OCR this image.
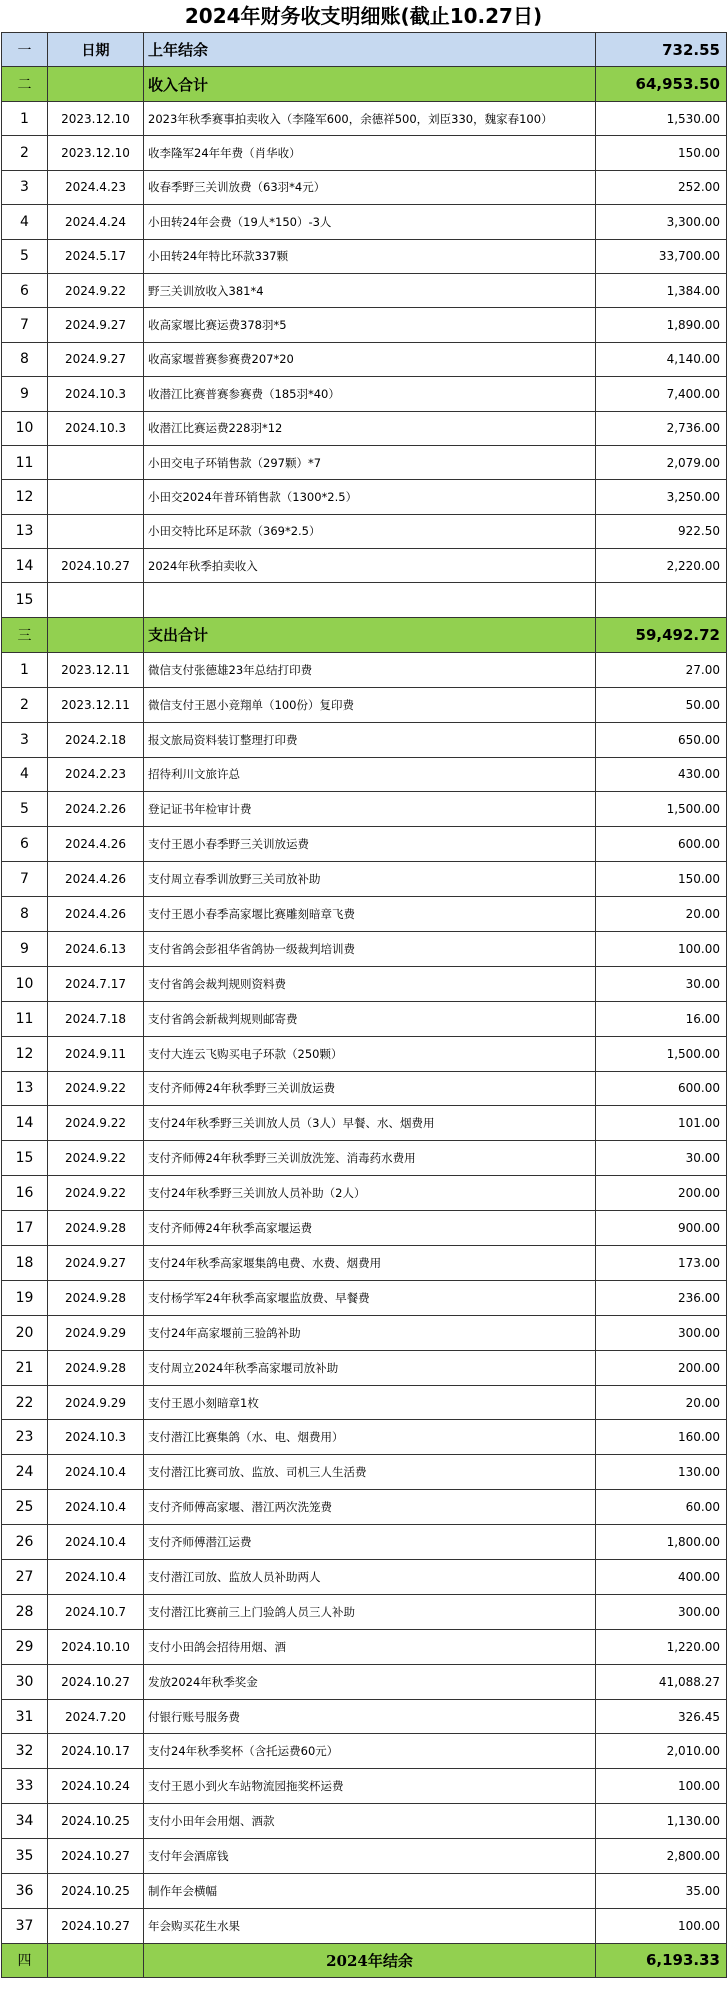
2024年财务收支明细账(截止10.27日)
一	日期	上年结余	732.55
二		收入合计	64,953.50
1	2023.12.10	2023年秋季赛事拍卖收入（李隆军600，余德祥500，刘臣330，魏家春100）	1,530.00
2	2023.12.10	收李隆军24年年费（肖华收）	150.00
3	2024.4.23	收春季野三关训放费（63羽*4元）	252.00
4	2024.4.24	小田转24年会费（19人*150）-3人	3,300.00
5	2024.5.17	小田转24年特比环款337颗	33,700.00
6	2024.9.22	野三关训放收入381*4	1,384.00
7	2024.9.27	收高家堰比赛运费378羽*5	1,890.00
8	2024.9.27	收高家堰普赛参赛费207*20	4,140.00
9	2024.10.3	收潜江比赛普赛参赛费（185羽*40）	7,400.00
10	2024.10.3	收潜江比赛运费228羽*12	2,736.00
11		小田交电子环销售款（297颗）*7	2,079.00
12		小田交2024年普环销售款（1300*2.5）	3,250.00
13		小田交特比环足环款（369*2.5）	922.50
14	2024.10.27	2024年秋季拍卖收入	2,220.00
15			
三		支出合计	59,492.72
1	2023.12.11	微信支付张德雄23年总结打印费	27.00
2	2023.12.11	微信支付王恩小竞翔单（100份）复印费	50.00
3	2024.2.18	报文旅局资料装订整理打印费	650.00
4	2024.2.23	招待利川文旅许总	430.00
5	2024.2.26	登记证书年检审计费	1,500.00
6	2024.4.26	支付王恩小春季野三关训放运费	600.00
7	2024.4.26	支付周立春季训放野三关司放补助	150.00
8	2024.4.26	支付王恩小春季高家堰比赛雕刻暗章飞费	20.00
9	2024.6.13	支付省鸽会彭祖华省鸽协一级裁判培训费	100.00
10	2024.7.17	支付省鸽会裁判规则资料费	30.00
11	2024.7.18	支付省鸽会新裁判规则邮寄费	16.00
12	2024.9.11	支付大连云飞购买电子环款（250颗）	1,500.00
13	2024.9.22	支付齐师傅24年秋季野三关训放运费	600.00
14	2024.9.22	支付24年秋季野三关训放人员（3人）早餐、水、烟费用	101.00
15	2024.9.22	支付齐师傅24年秋季野三关训放洗笼、消毒药水费用	30.00
16	2024.9.22	支付24年秋季野三关训放人员补助（2人）	200.00
17	2024.9.28	支付齐师傅24年秋季高家堰运费	900.00
18	2024.9.27	支付24年秋季高家堰集鸽电费、水费、烟费用	173.00
19	2024.9.28	支付杨学军24年秋季高家堰监放费、早餐费	236.00
20	2024.9.29	支付24年高家堰前三验鸽补助	300.00
21	2024.9.28	支付周立2024年秋季高家堰司放补助	200.00
22	2024.9.29	支付王恩小刻暗章1枚	20.00
23	2024.10.3	支付潜江比赛集鸽（水、电、烟费用）	160.00
24	2024.10.4	支付潜江比赛司放、监放、司机三人生活费	130.00
25	2024.10.4	支付齐师傅高家堰、潜江两次洗笼费	60.00
26	2024.10.4	支付齐师傅潜江运费	1,800.00
27	2024.10.4	支付潜江司放、监放人员补助两人	400.00
28	2024.10.7	支付潜江比赛前三上门验鸽人员三人补助	300.00
29	2024.10.10	支付小田鸽会招待用烟、酒	1,220.00
30	2024.10.27	发放2024年秋季奖金	41,088.27
31	2024.7.20	付银行账号服务费	326.45
32	2024.10.17	支付24年秋季奖杯（含托运费60元）	2,010.00
33	2024.10.24	支付王恩小到火车站物流园拖奖杯运费	100.00
34	2024.10.25	支付小田年会用烟、酒款	1,130.00
35	2024.10.27	支付年会酒席钱	2,800.00
36	2024.10.25	制作年会横幅	35.00
37	2024.10.27	年会购买花生水果	100.00
四		2024年结余	6,193.33
